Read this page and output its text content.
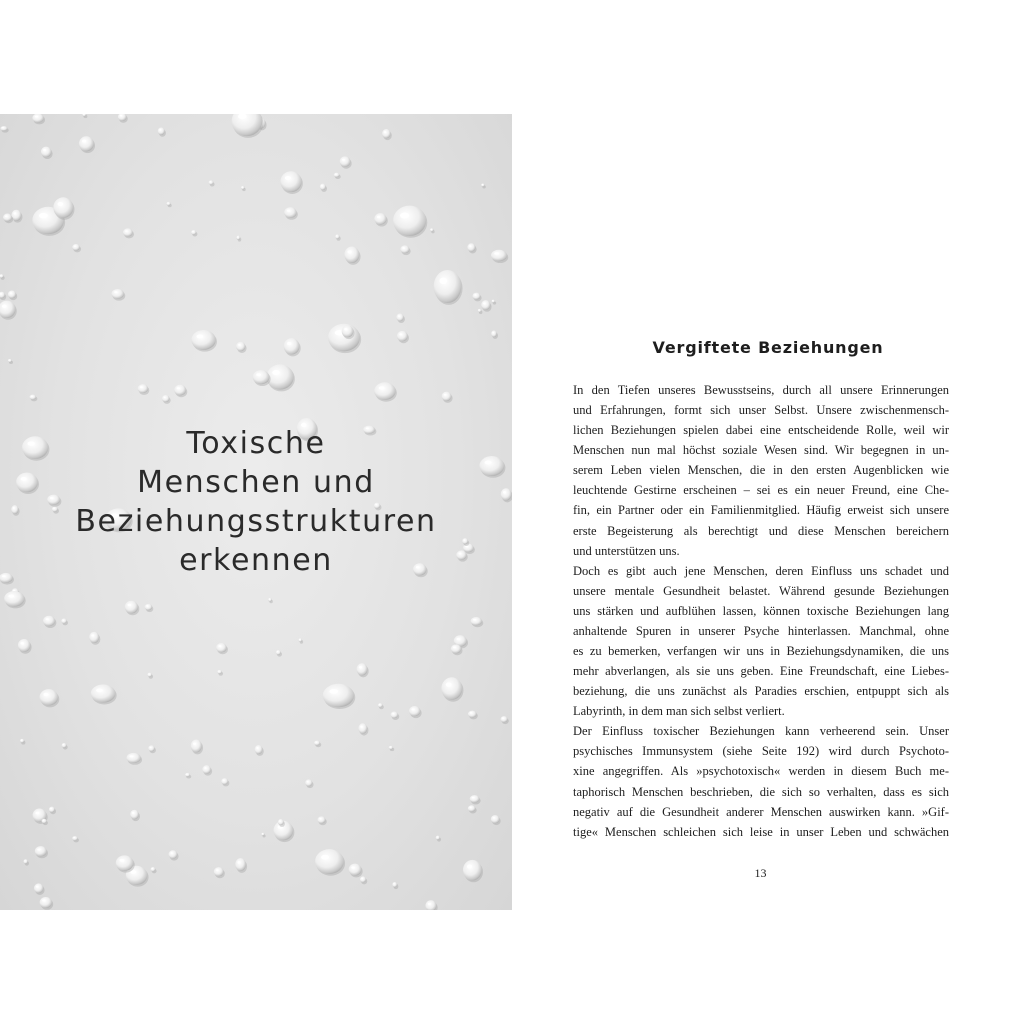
Toxische
Menschen und
Beziehungsstrukturen
erkennen
Vergiftete Beziehungen
In den Tiefen unseres Bewusstseins, durch all unsere Erinnerungen
und Erfahrungen, formt sich unser Selbst. Unsere zwischenmensch-
lichen Beziehungen spielen dabei eine entscheidende Rolle, weil wir
Menschen nun mal höchst soziale Wesen sind. Wir begegnen in un-
serem Leben vielen Menschen, die in den ersten Augenblicken wie
leuchtende Gestirne erscheinen – sei es ein neuer Freund, eine Che-
fin, ein Partner oder ein Familienmitglied. Häufig erweist sich unsere
erste Begeisterung als berechtigt und diese Menschen bereichern
und unterstützen uns.
Doch es gibt auch jene Menschen, deren Einfluss uns schadet und
unsere mentale Gesundheit belastet. Während gesunde Beziehungen
uns stärken und aufblühen lassen, können toxische Beziehungen lang
anhaltende Spuren in unserer Psyche hinterlassen. Manchmal, ohne
es zu bemerken, verfangen wir uns in Beziehungsdynamiken, die uns
mehr abverlangen, als sie uns geben. Eine Freundschaft, eine Liebes-
beziehung, die uns zunächst als Paradies erschien, entpuppt sich als
Labyrinth, in dem man sich selbst verliert.
Der Einfluss toxischer Beziehungen kann verheerend sein. Unser
psychisches Immunsystem (siehe Seite 192) wird durch Psychoto-
xine angegriffen. Als »psychotoxisch« werden in diesem Buch me-
taphorisch Menschen beschrieben, die sich so verhalten, dass es sich
negativ auf die Gesundheit anderer Menschen auswirken kann. »Gif-
tige« Menschen schleichen sich leise in unser Leben und schwächen
13
